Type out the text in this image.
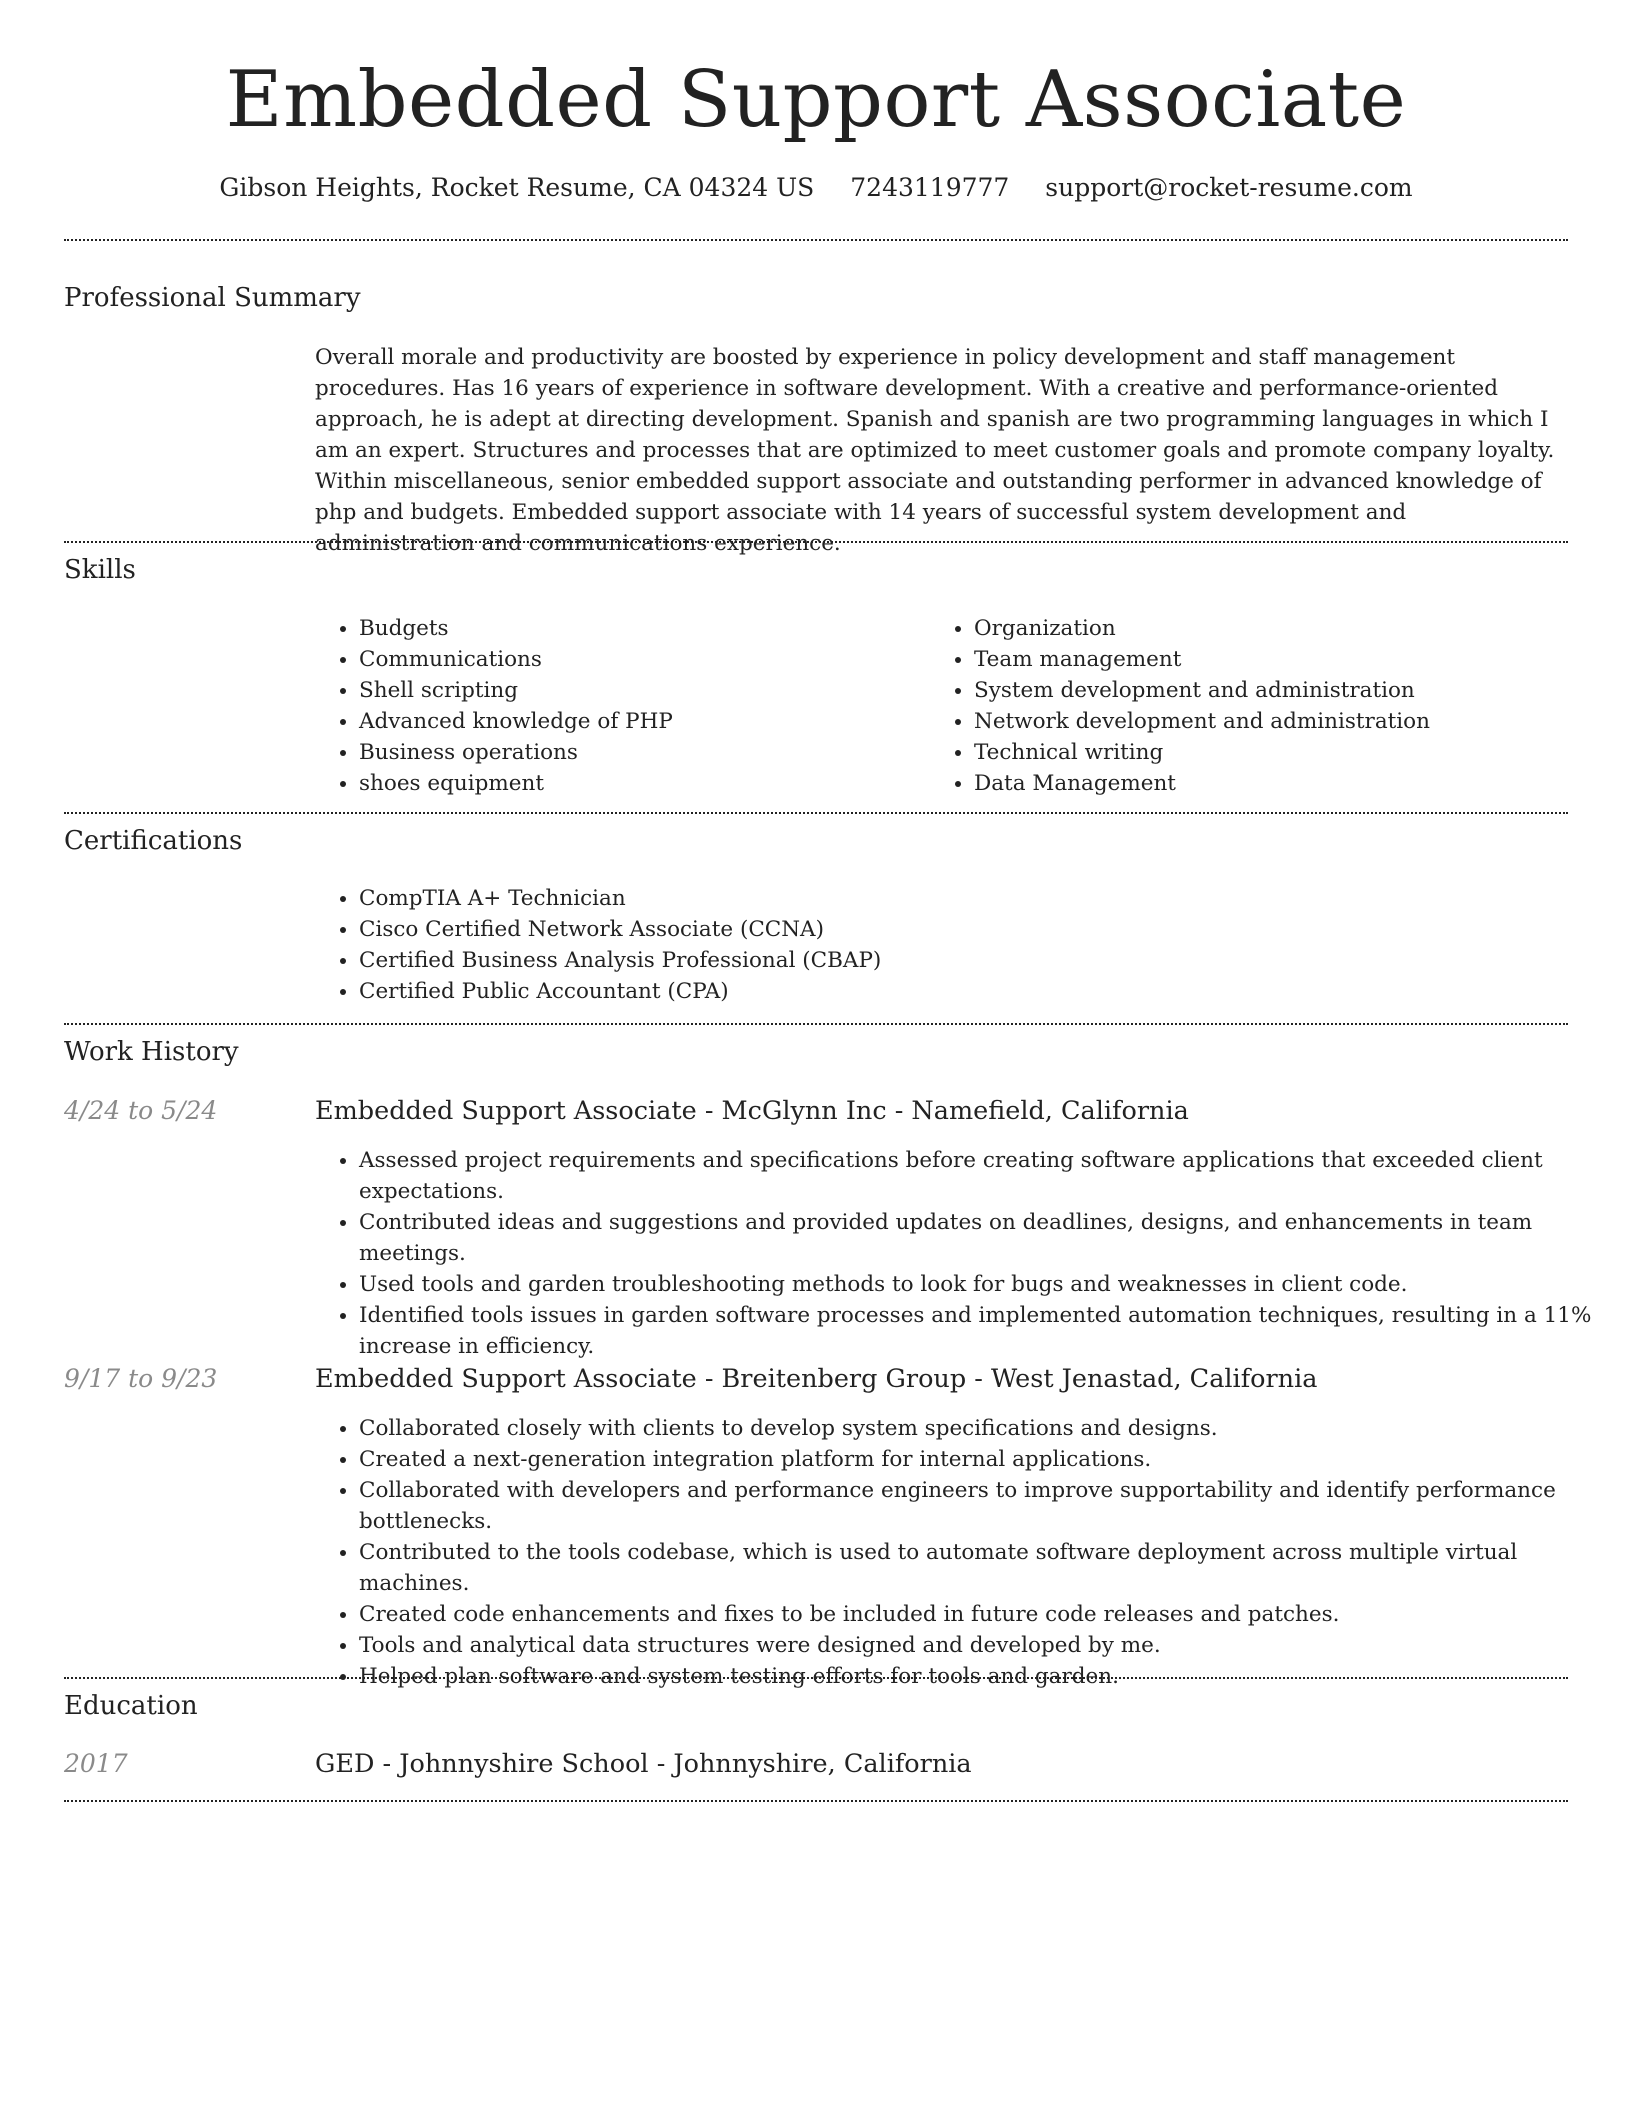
Embedded Support Associate
Gibson Heights, Rocket Resume, CA 04324 US 7243119777 support@rocket-resume.com
Professional Summary
Overall morale and productivity are boosted by experience in policy development and staff management procedures. Has 16 years of experience in software development. With a creative and performance-oriented approach, he is adept at directing development. Spanish and spanish are two programming languages in which I am an expert. Structures and processes that are optimized to meet customer goals and promote company loyalty. Within miscellaneous, senior embedded support associate and outstanding performer in advanced knowledge of php and budgets. Embedded support associate with 14 years of successful system development and administration and communications experience.
Skills
• Budgets
• Communications
• Shell scripting
• Advanced knowledge of PHP
• Business operations
• shoes equipment
• Organization
• Team management
• System development and administration
• Network development and administration
• Technical writing
• Data Management
Certifications
• CompTIA A+ Technician
• Cisco Certified Network Associate (CCNA)
• Certified Business Analysis Professional (CBAP)
• Certified Public Accountant (CPA)
Work History
4/24 to 5/24	Embedded Support Associate - McGlynn Inc - Namefield, California
• Assessed project requirements and specifications before creating software applications that exceeded client expectations.
• Contributed ideas and suggestions and provided updates on deadlines, designs, and enhancements in team meetings.
• Used tools and garden troubleshooting methods to look for bugs and weaknesses in client code.
• Identified tools issues in garden software processes and implemented automation techniques, resulting in a 11% increase in efficiency.
9/17 to 9/23	Embedded Support Associate - Breitenberg Group - West Jenastad, California
• Collaborated closely with clients to develop system specifications and designs.
• Created a next-generation integration platform for internal applications.
• Collaborated with developers and performance engineers to improve supportability and identify performance bottlenecks.
• Contributed to the tools codebase, which is used to automate software deployment across multiple virtual machines.
• Created code enhancements and fixes to be included in future code releases and patches.
• Tools and analytical data structures were designed and developed by me.
• Helped plan software and system testing efforts for tools and garden.
Education
2017	GED - Johnnyshire School - Johnnyshire, California
